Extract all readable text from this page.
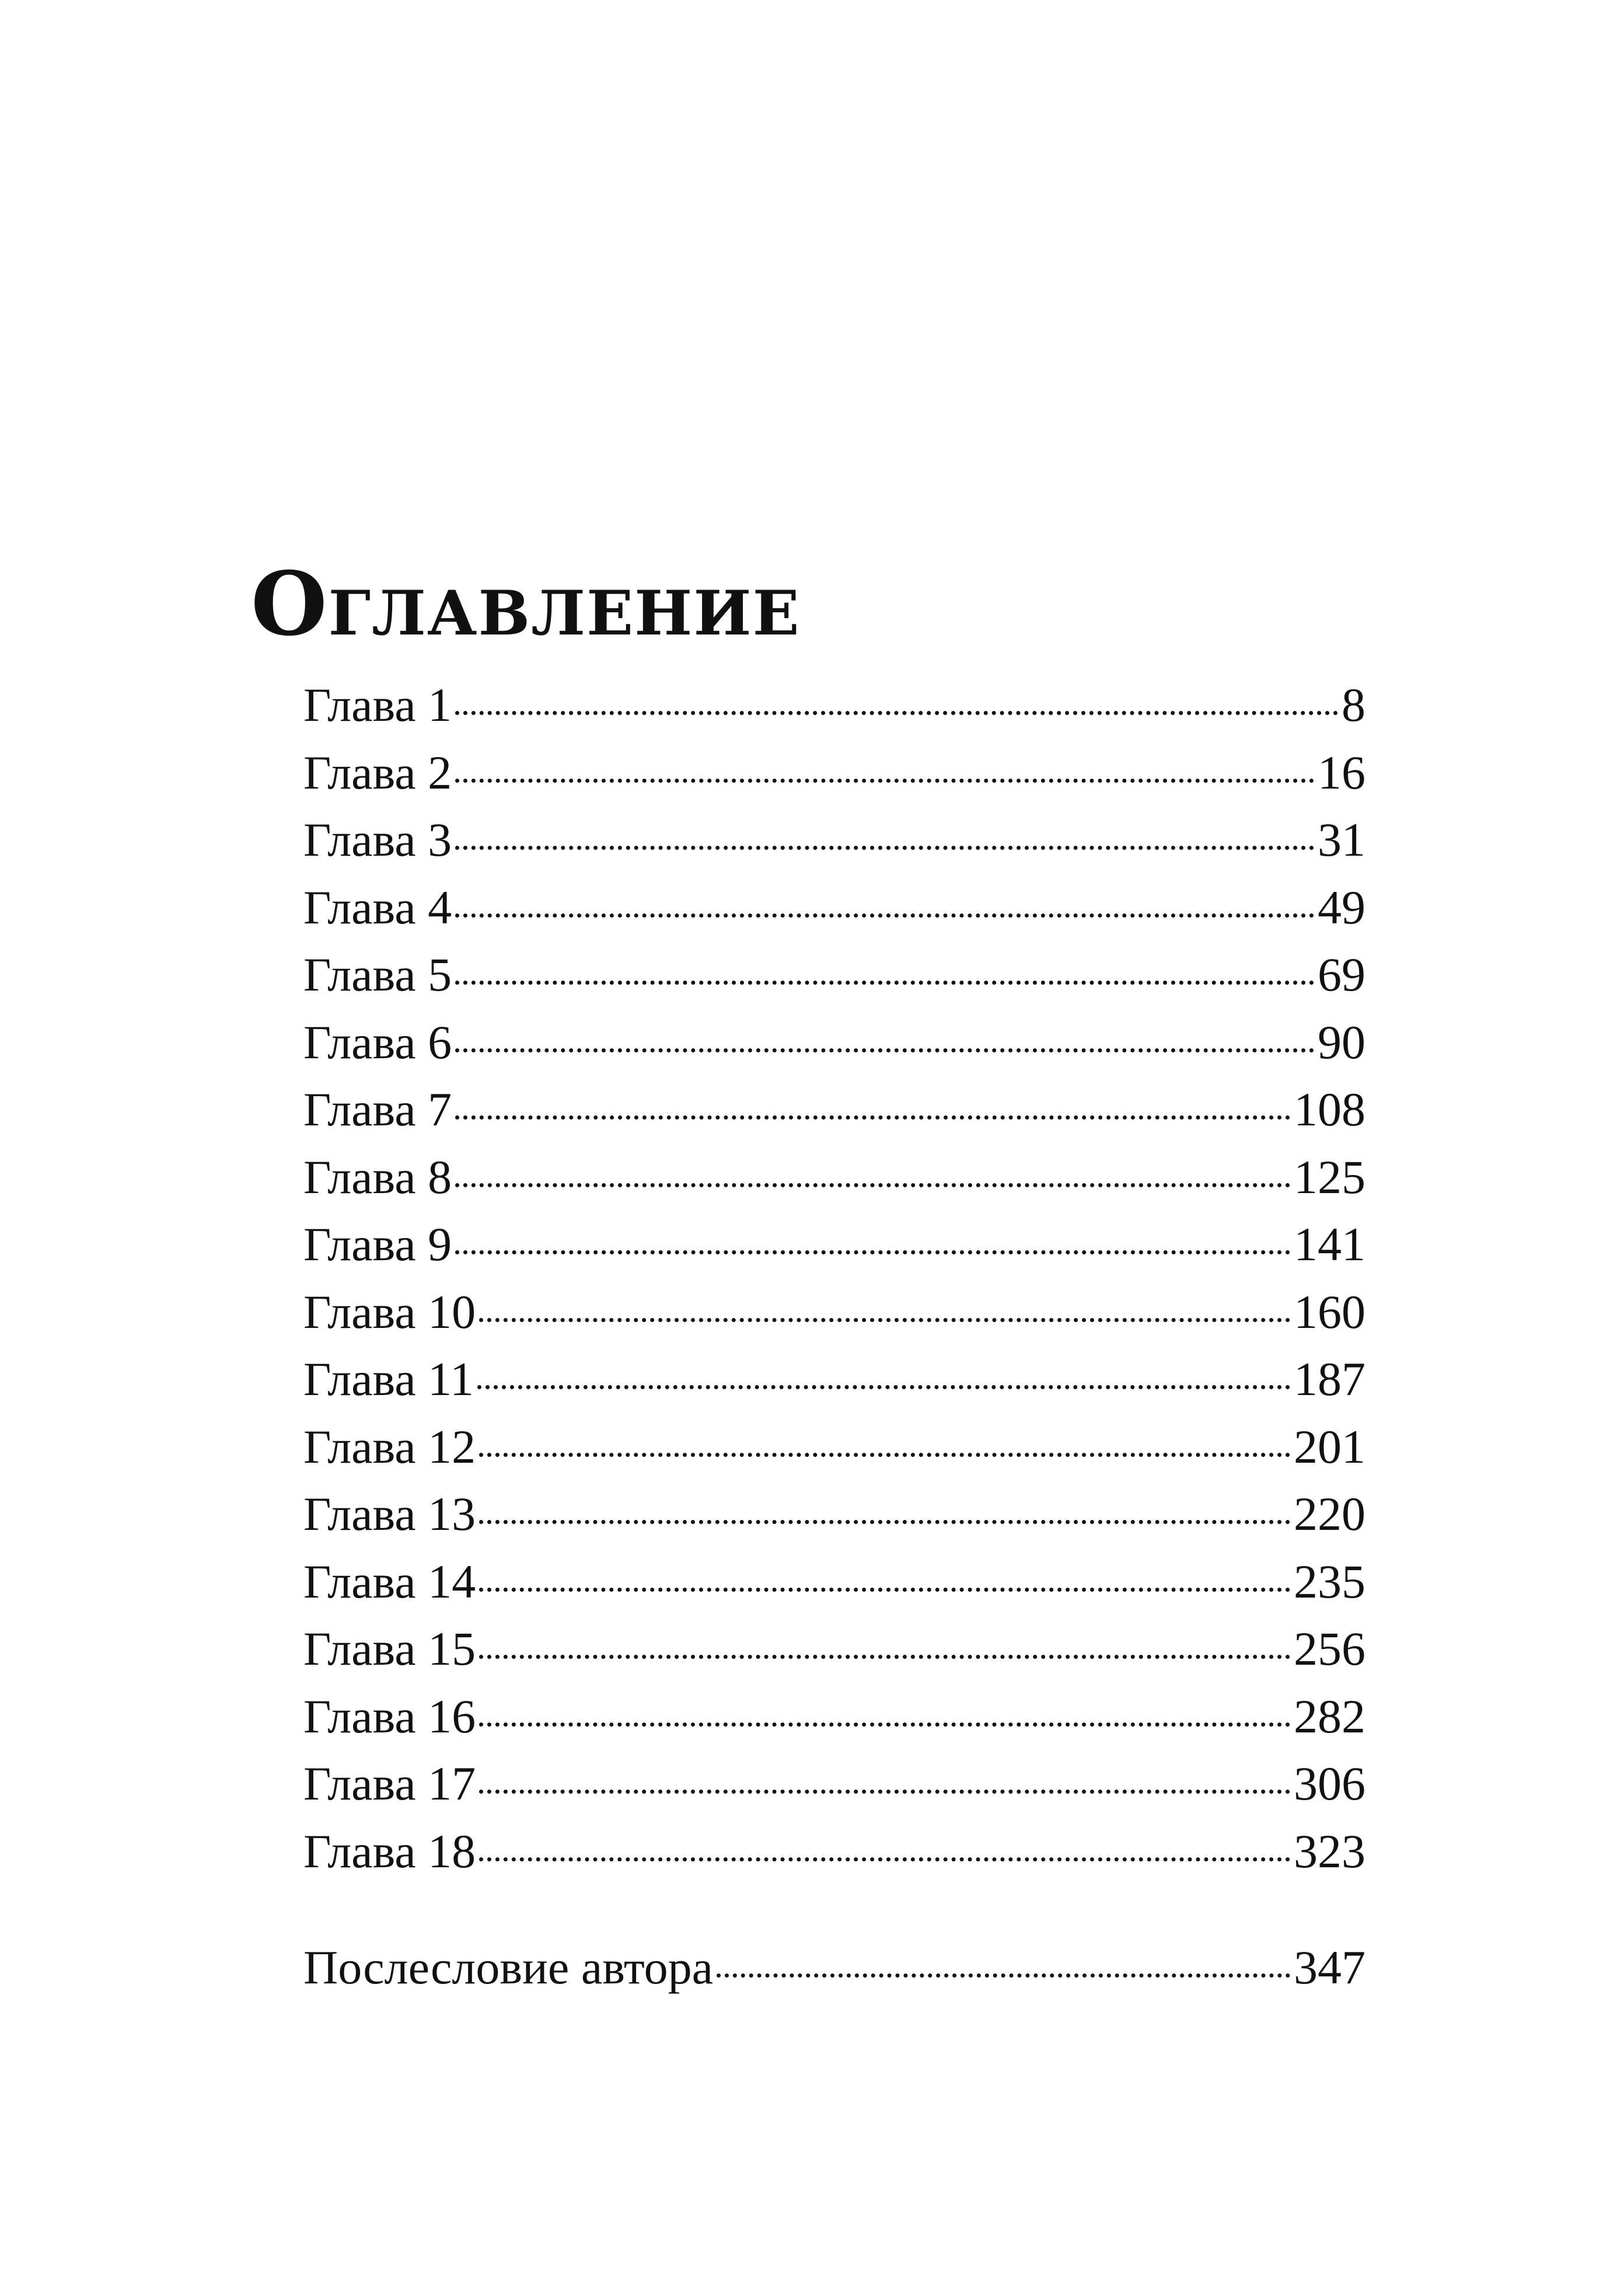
Оглавление
Глава 1	8
Глава 2	16
Глава 3	31
Глава 4	49
Глава 5	69
Глава 6	90
Глава 7	108
Глава 8	125
Глава 9	141
Глава 10	160
Глава 11	187
Глава 12	201
Глава 13	220
Глава 14	235
Глава 15	256
Глава 16	282
Глава 17	306
Глава 18	323
Послесловие автора	347
